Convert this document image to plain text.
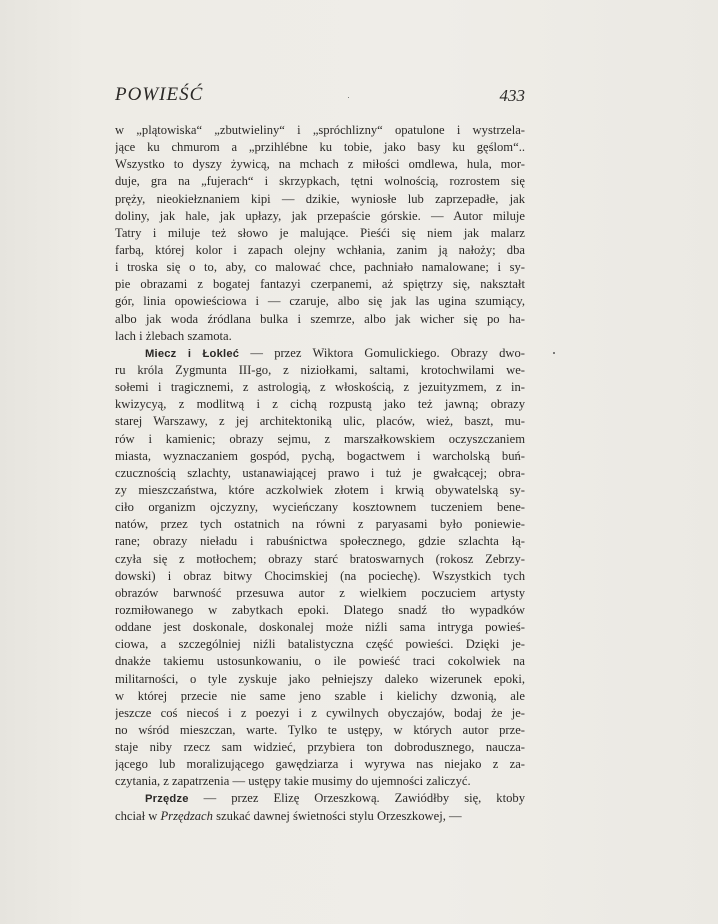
POWIEŚĆ	433
w „plątowiska“ „zbutwieliny“ i „spróchlizny“ opatulone i wystrzela-
jące ku chmurom a „przihlébne ku tobie, jako basy ku gęślom“..
Wszystko to dyszy żywicą, na mchach z miłości omdlewa, hula, mor-
duje, gra na „fujerach“ i skrzypkach, tętni wolnością, rozrostem się
pręży, nieokiełznaniem kipi — dzikie, wyniosłe lub zaprzepadłe, jak
doliny, jak hale, jak upłazy, jak przepaście górskie. — Autor miluje
Tatry i miluje też słowo je malujące. Pieśći się niem jak malarz
farbą, której kolor i zapach olejny wchłania, zanim ją nałoży; dba
i troska się o to, aby, co malować chce, pachniało namalowane; i sy-
pie obrazami z bogatej fantazyi czerpanemi, aż spiętrzy się, nakształt
gór, linia opowieściowa i — czaruje, albo się jak las ugina szumiący,
albo jak woda źródlana bulka i szemrze, albo jak wicher się po ha-
lach i żlebach szamota.
Miecz i Łokleć — przez Wiktora Gomulickiego. Obrazy dwo-
ru króla Zygmunta III-go, z niziołkami, saltami, krotochwilami we-
sołemi i tragicznemi, z astrologią, z włoskością, z jezuityzmem, z in-
kwizycyą, z modlitwą i z cichą rozpustą jako też jawną; obrazy
starej Warszawy, z jej architektoniką ulic, placów, wież, baszt, mu-
rów i kamienic; obrazy sejmu, z marszałkowskiem oczyszczaniem
miasta, wyznaczaniem gospód, pychą, bogactwem i warcholską buń-
czucznością szlachty, ustanawiającej prawo i tuż je gwałcącej; obra-
zy mieszczaństwa, które aczkolwiek złotem i krwią obywatelską sy-
ciło organizm ojczyzny, wycieńczany kosztownem tuczeniem bene-
natów, przez tych ostatnich na równi z paryasami było poniewie-
rane; obrazy nieładu i rabuśnictwa społecznego, gdzie szlachta łą-
czyła się z motłochem; obrazy starć bratoswarnych (rokosz Zebrzy-
dowski) i obraz bitwy Chocimskiej (na pociechę). Wszystkich tych
obrazów barwność przesuwa autor z wielkiem poczuciem artysty
rozmiłowanego w zabytkach epoki. Dlatego snadź tło wypadków
oddane jest doskonale, doskonalej może niźli sama intryga powieś-
ciowa, a szczególniej niźli batalistyczna część powieści. Dzięki je-
dnakże takiemu ustosunkowaniu, o ile powieść traci cokolwiek na
militarności, o tyle zyskuje jako pełniejszy daleko wizerunek epoki,
w której przecie nie same jeno szable i kielichy dzwonią, ale
jeszcze coś niecoś i z poezyi i z cywilnych obyczajów, bodaj że je-
no wśród mieszczan, warte. Tylko te ustępy, w których autor prze-
staje niby rzecz sam widzieć, przybiera ton dobrodusznego, naucza-
jącego lub moralizującego gawędziarza i wyrywa nas niejako z za-
czytania, z zapatrzenia — ustępy takie musimy do ujemności zaliczyć.
Przędze — przez Elizę Orzeszkową. Zawiódłby się, ktoby
chciał w Przędzach szukać dawnej świetności stylu Orzeszkowej, —
